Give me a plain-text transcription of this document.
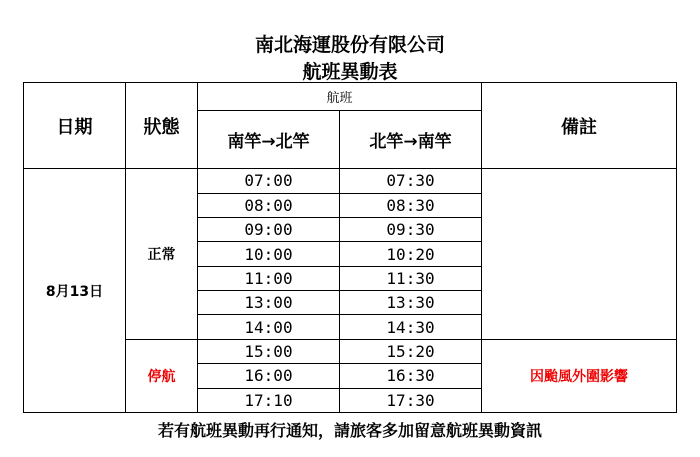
南北海運股份有限公司
航班異動表
日期	狀態	航班		備註
		南竿→北竿	北竿→南竿	
8月13日	正常	07:00	07:30	
		08:00	08:30	
		09:00	09:30	
		10:00	10:20	
		11:00	11:30	
		13:00	13:30	
		14:00	14:30	
	停航	15:00	15:20	因颱風外圍影響
		16:00	16:30	
		17:10	17:30	
若有航班異動再行通知，請旅客多加留意航班異動資訊
